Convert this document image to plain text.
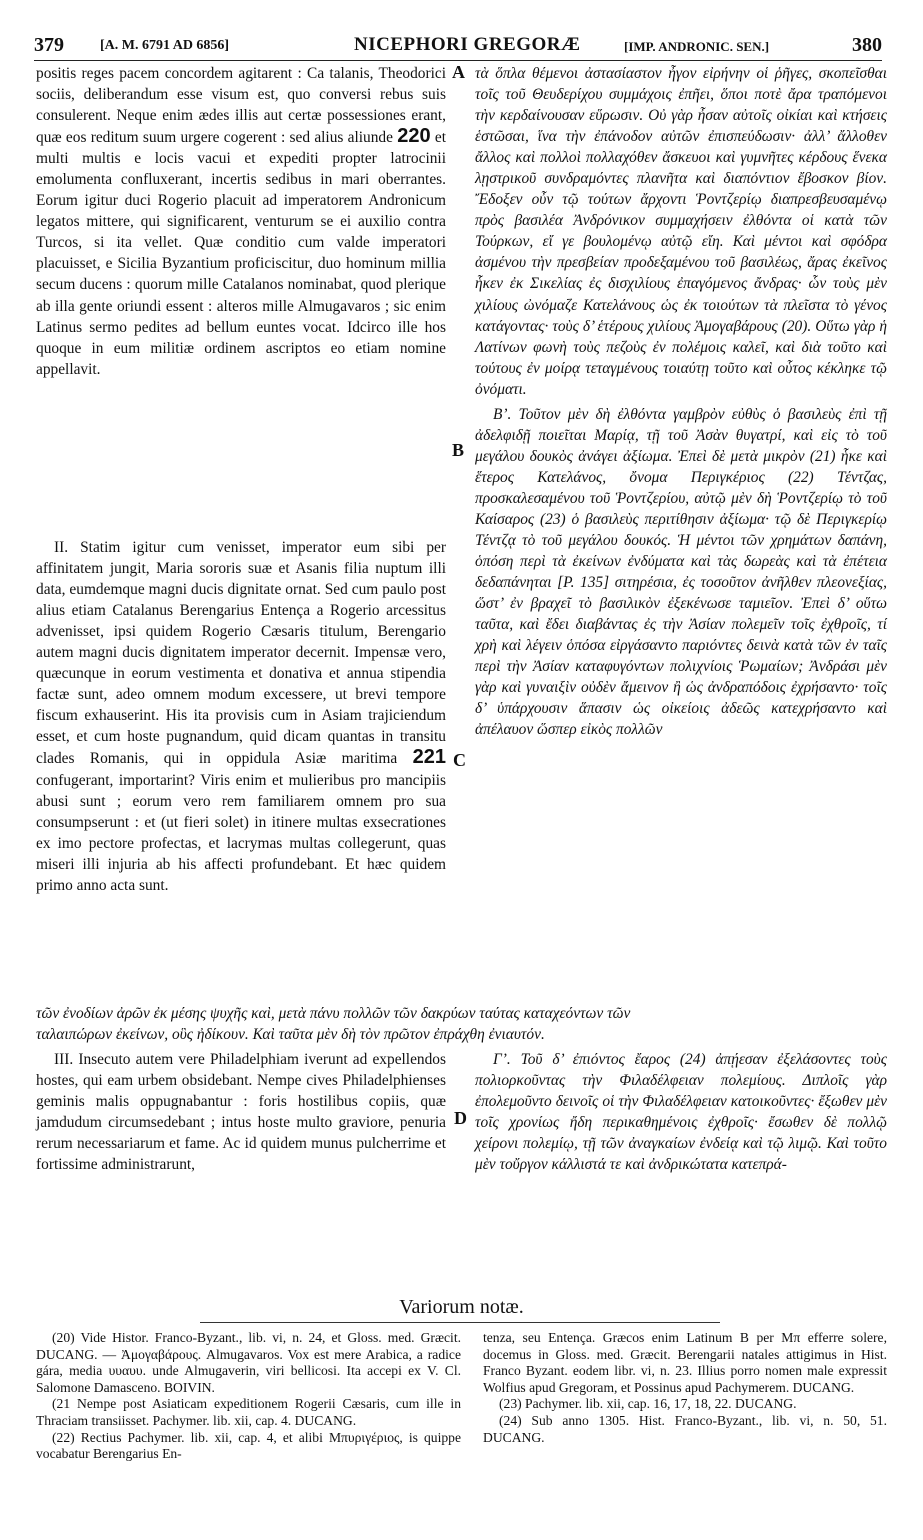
379	[A. M. 6791 AD 6856]	NICEPHORI GREGORÆ	[IMP. ANDRONIC. SEN.]	380
A
B
C
D

positis reges pacem concordem agitarent : Ca talanis, Theodorici sociis, deliberandum esse visum est, quo conversi rebus suis consulerent. Neque enim ædes illis aut certæ possessiones erant, quæ eos reditum suum urgere cogerent : sed alius aliunde 220 et multi multis e locis vacui et expediti propter latrocinii emolumenta confluxerant, incertis sedibus in mari oberrantes. Eorum igitur duci Rogerio placuit ad imperatorem Andronicum legatos mittere, qui significarent, venturum se ei auxilio contra Turcos, si ita vellet. Quæ conditio cum valde imperatori placuisset, e Sicilia Byzantium proficiscitur, duo hominum millia secum ducens : quorum mille Catalanos nominabat, quod plerique ab illa gente oriundi essent : alteros mille Almugavaros ; sic enim Latinus sermo pedites ad bellum euntes vocat. Idcirco ille hos quoque in eum militiæ ordinem ascriptos eo etiam nomine appellavit.

II. Statim igitur cum venisset, imperator eum sibi per affinitatem jungit, Maria sororis suæ et Asanis filia nuptum illi data, eumdemque magni ducis dignitate ornat. Sed cum paulo post alius etiam Catalanus Berengarius Entença a Rogerio arcessitus advenisset, ipsi quidem Rogerio Cæsaris titulum, Berengario autem magni ducis dignitatem imperator decernit. Impensæ vero, quæcunque in eorum vestimenta et donativa et annua stipendia factæ sunt, adeo omnem modum excessere, ut brevi tempore fiscum exhauserint. His ita provisis cum in Asiam trajiciendum esset, et cum hoste pugnandum, quid dicam quantas in transitu clades Romanis, qui in oppidula Asiæ maritima 221 confugerant, importarint? Viris enim et mulieribus pro mancipiis abusi sunt ; eorum vero rem familiarem omnem pro sua consumpserunt : et (ut fieri solet) in itinere multas exsecrationes ex imo pectore profectas, et lacrymas multas collegerunt, quas miseri illi injuria ab his affecti profundebant. Et hæc quidem primo anno acta sunt.

τὰ ὅπλα θέμενοι ἀστασίαστον ἦγον εἰρήνην οἱ ῥῆγες, σκοπεῖσθαι τοῖς τοῦ Θευδερίχου συμμάχοις ἐπῆει, ὅποι ποτὲ ἄρα τραπόμενοι τὴν κερδαίνουσαν εὕρωσιν. Οὐ γὰρ ἦσαν αὐτοῖς οἰκίαι καὶ κτήσεις ἑστῶσαι, ἵνα τὴν ἐπάνοδον αὐτῶν ἐπισπεύδωσιν· ἀλλ’ ἄλλοθεν ἄλλος καὶ πολλοὶ πολλαχόθεν ἄσκευοι καὶ γυμνῆτες κέρδους ἕνεκα λῃστρικοῦ συνδραμόντες πλανῆτα καὶ διαπόντιον ἔβοσκον βίον. Ἔδοξεν οὖν τῷ τούτων ἄρχοντι Ῥοντζερίῳ διαπρεσβευσαμένῳ πρὸς βασιλέα Ἀνδρόνικον συμμαχήσειν ἐλθόντα οἱ κατὰ τῶν Τούρκων, εἴ γε βουλομένῳ αὐτῷ εἴη. Καὶ μέντοι καὶ σφόδρα ἀσμένου τὴν πρεσβείαν προδεξαμένου τοῦ βασιλέως, ἄρας ἐκεῖνος ἧκεν ἐκ Σικελίας ἐς δισχιλίους ἐπαγόμενος ἄνδρας· ὧν τοὺς μὲν χιλίους ὠνόμαζε Κατελάνους ὡς ἐκ τοιούτων τὰ πλεῖστα τὸ γένος κατάγοντας· τοὺς δ’ ἑτέρους χιλίους Ἀμογαβάρους (20). Οὕτω γὰρ ἡ Λατίνων φωνὴ τοὺς πεζοὺς ἐν πολέμοις καλεῖ, καὶ διὰ τοῦτο καὶ τούτους ἐν μοίρᾳ τεταγμένους τοιαύτῃ τοῦτο καὶ οὗτος κέκληκε τῷ ὀνόματι.

Β’. Τοῦτον μὲν δὴ ἐλθόντα γαμβρὸν εὐθὺς ὁ βασιλεὺς ἐπὶ τῇ ἀδελφιδῇ ποιεῖται Μαρίᾳ, τῇ τοῦ Ἀσὰν θυγατρί, καὶ εἰς τὸ τοῦ μεγάλου δουκὸς ἀνάγει ἀξίωμα. Ἐπεὶ δὲ μετὰ μικρὸν (21) ἧκε καὶ ἕτερος Κατελάνος, ὄνομα Περιγκέριος (22) Τέντζας, προσκαλεσαμένου τοῦ Ῥοντζερίου, αὐτῷ μὲν δὴ Ῥοντζερίῳ τὸ τοῦ Καίσαρος (23) ὁ βασιλεὺς περιτίθησιν ἀξίωμα· τῷ δὲ Περιγκερίῳ Τέντζᾳ τὸ τοῦ μεγάλου δουκός. Ἡ μέντοι τῶν χρημάτων δαπάνη, ὁπόση περὶ τὰ ἐκείνων ἐνδύματα καὶ τὰς δωρεὰς καὶ τὰ ἐπέτεια δεδαπάνηται [P. 135] σιτηρέσια, ἐς τοσοῦτον ἀνῆλθεν πλεονεξίας, ὥστ’ ἐν βραχεῖ τὸ βασιλικὸν ἐξεκένωσε ταμιεῖον. Ἐπεὶ δ’ οὕτω ταῦτα, καὶ ἔδει διαβάντας ἐς τὴν Ἀσίαν πολεμεῖν τοῖς ἐχθροῖς, τί χρὴ καὶ λέγειν ὁπόσα εἰργάσαντο παριόντες δεινὰ κατὰ τῶν ἐν ταῖς περὶ τὴν Ἀσίαν καταφυγόντων πολιχνίοις Ῥωμαίων; Ἀνδράσι μὲν γὰρ καὶ γυναιξὶν οὐδὲν ἄμεινον ἢ ὡς ἀνδραπόδοις ἐχρήσαντο· τοῖς δ’ ὑπάρχουσιν ἅπασιν ὡς οἰκείοις ἀδεῶς κατεχρήσαντο καὶ ἀπέλαυον ὥσπερ εἰκὸς πολλῶν

τῶν ἐνοδίων ἀρῶν ἐκ μέσης ψυχῆς καὶ, μετὰ πάνυ πολλῶν τῶν δακρύων ταύτας καταχεόντων τῶν
ταλαιπώρων ἐκείνων, οὓς ἠδίκουν. Καὶ ταῦτα μὲν δὴ τὸν πρῶτον ἐπράχθη ἐνιαυτόν.

III. Insecuto autem vere Philadelphiam iverunt ad expellendos hostes, qui eam urbem obsidebant. Nempe cives Philadelphienses geminis malis oppugnabantur : foris hostilibus copiis, quæ jamdudum circumsedebant ; intus hoste multo graviore, penuria rerum necessariarum et fame. Ac id quidem munus pulcherrime et fortissime administrarunt,

Γ’. Τοῦ δ’ ἐπιόντος ἔαρος (24) ἀπῄεσαν ἐξελάσοντες τοὺς πολιορκοῦντας τὴν Φιλαδέλφειαν πολεμίους. Διπλοῖς γὰρ ἐπολεμοῦντο δεινοῖς οἱ τὴν Φιλαδέλφειαν κατοικοῦντες· ἔξωθεν μὲν τοῖς χρονίως ἤδη περικαθημένοις ἐχθροῖς· ἔσωθεν δὲ πολλῷ χείρονι πολεμίῳ, τῇ τῶν ἀναγκαίων ἐνδείᾳ καὶ τῷ λιμῷ. Καὶ τοῦτο μὲν τοὔργον κάλλιστά τε καὶ ἀνδρικώτατα κατεπρά-

Variorum notæ.

(20) Vide Histor. Franco-Byzant., lib. vi, n. 24, et Gloss. med. Græcit. DUCANG. — Ἀμογαβάρους. Almugavaros. Vox est mere Arabica, a radice gára, media υυαυυ. unde Almugaverin, viri bellicosi. Ita accepi ex V. Cl. Salomone Damasceno. BOIVIN.

(21 Nempe post Asiaticam expeditionem Rogerii Cæsaris, cum ille in Thraciam transiisset. Pachymer. lib. xii, cap. 4. DUCANG.

(22) Rectius Pachymer. lib. xii, cap. 4, et alibi Μπυριγέριος, is quippe vocabatur Berengarius En-

tenza, seu Entença. Græcos enim Latinum B per Mπ efferre solere, docemus in Gloss. med. Græcit. Berengarii natales attigimus in Hist. Franco Byzant. eodem libr. vi, n. 23. Illius porro nomen male expressit Wolfius apud Gregoram, et Possinus apud Pachymerem. DUCANG.

(23) Pachymer. lib. xii, cap. 16, 17, 18, 22. DUCANG.

(24) Sub anno 1305. Hist. Franco-Byzant., lib. vi, n. 50, 51. DUCANG.
